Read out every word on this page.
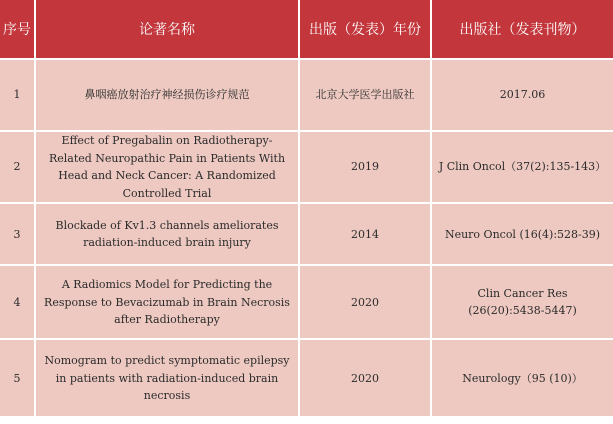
序号	论著名称	出版（发表）年份	出版社（发表刊物）
1	鼻咽癌放射治疗神经损伤诊疗规范	北京大学医学出版社	2017.06
2	Effect of Pregabalin on Radiotherapy-Related Neuropathic Pain in Patients With Head and Neck Cancer: A Randomized Controlled Trial	2019	J Clin Oncol（37(2):135-143）
3	Blockade of Kv1.3 channels ameliorates radiation-induced brain injury	2014	Neuro Oncol (16(4):528-39)
4	A Radiomics Model for Predicting the Response to Bevacizumab in Brain Necrosis after Radiotherapy	2020	Clin Cancer Res (26(20):5438-5447)
5	Nomogram to predict symptomatic epilepsy in patients with radiation-induced brain necrosis	2020	Neurology（95 (10)）
